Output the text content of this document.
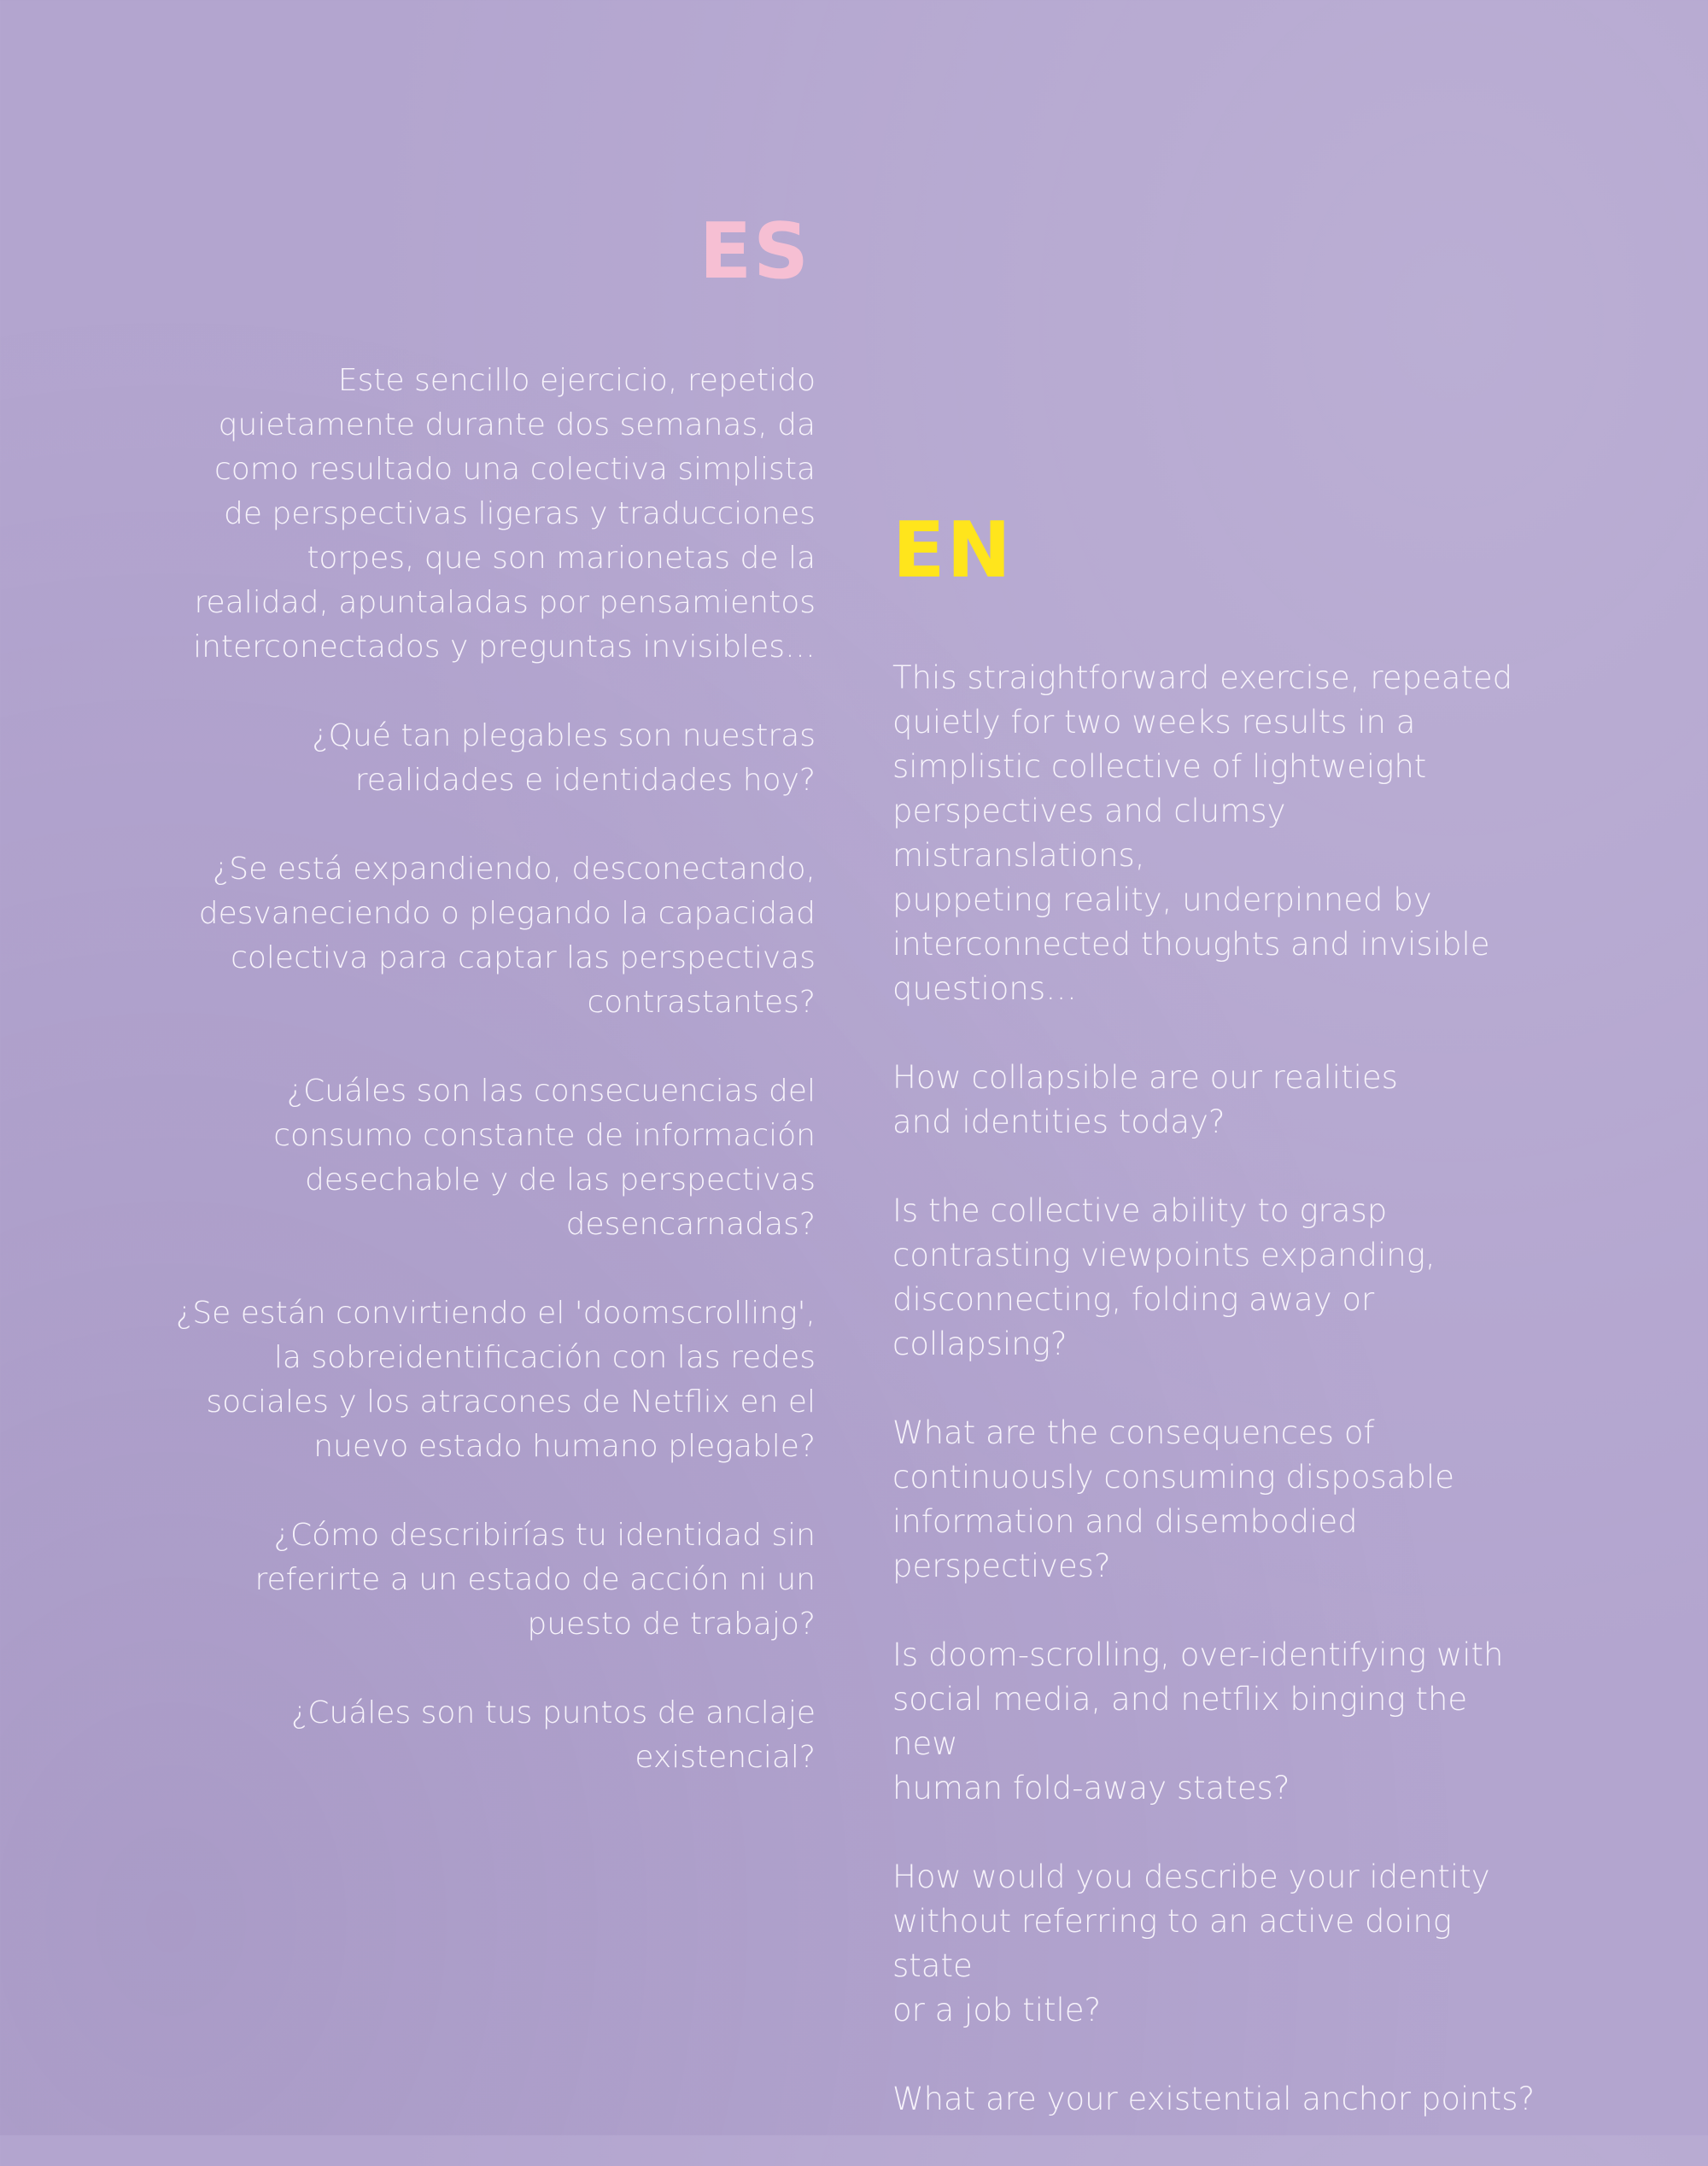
ES

Este sencillo ejercicio, repetido
quietamente durante dos semanas, da
como resultado una colectiva simplista
de perspectivas ligeras y traducciones
torpes, que son marionetas de la
realidad, apuntaladas por pensamientos
interconectados y preguntas invisibles…

¿Qué tan plegables son nuestras
realidades e identidades hoy?

¿Se está expandiendo, desconectando,
desvaneciendo o plegando la capacidad
colectiva para captar las perspectivas
contrastantes?

¿Cuáles son las consecuencias del
consumo constante de información
desechable y de las perspectivas
desencarnadas?

¿Se están convirtiendo el 'doomscrolling',
la sobreidentificación con las redes
sociales y los atracones de Netflix en el
nuevo estado humano plegable?

¿Cómo describirías tu identidad sin
referirte a un estado de acción ni un
puesto de trabajo?

¿Cuáles son tus puntos de anclaje
existencial?

EN

This straightforward exercise, repeated
quietly for two weeks results in a
simplistic collective of lightweight
perspectives and clumsy mistranslations,
puppeting reality, underpinned by
interconnected thoughts and invisible
questions…

How collapsible are our realities
and identities today?

Is the collective ability to grasp
contrasting viewpoints expanding,
disconnecting, folding away or collapsing?

What are the consequences of
continuously consuming disposable
information and disembodied
perspectives?

Is doom-scrolling, over-identifying with
social media, and netflix binging the new
human fold-away states?

How would you describe your identity
without referring to an active doing state
or a job title?

What are your existential anchor points?
